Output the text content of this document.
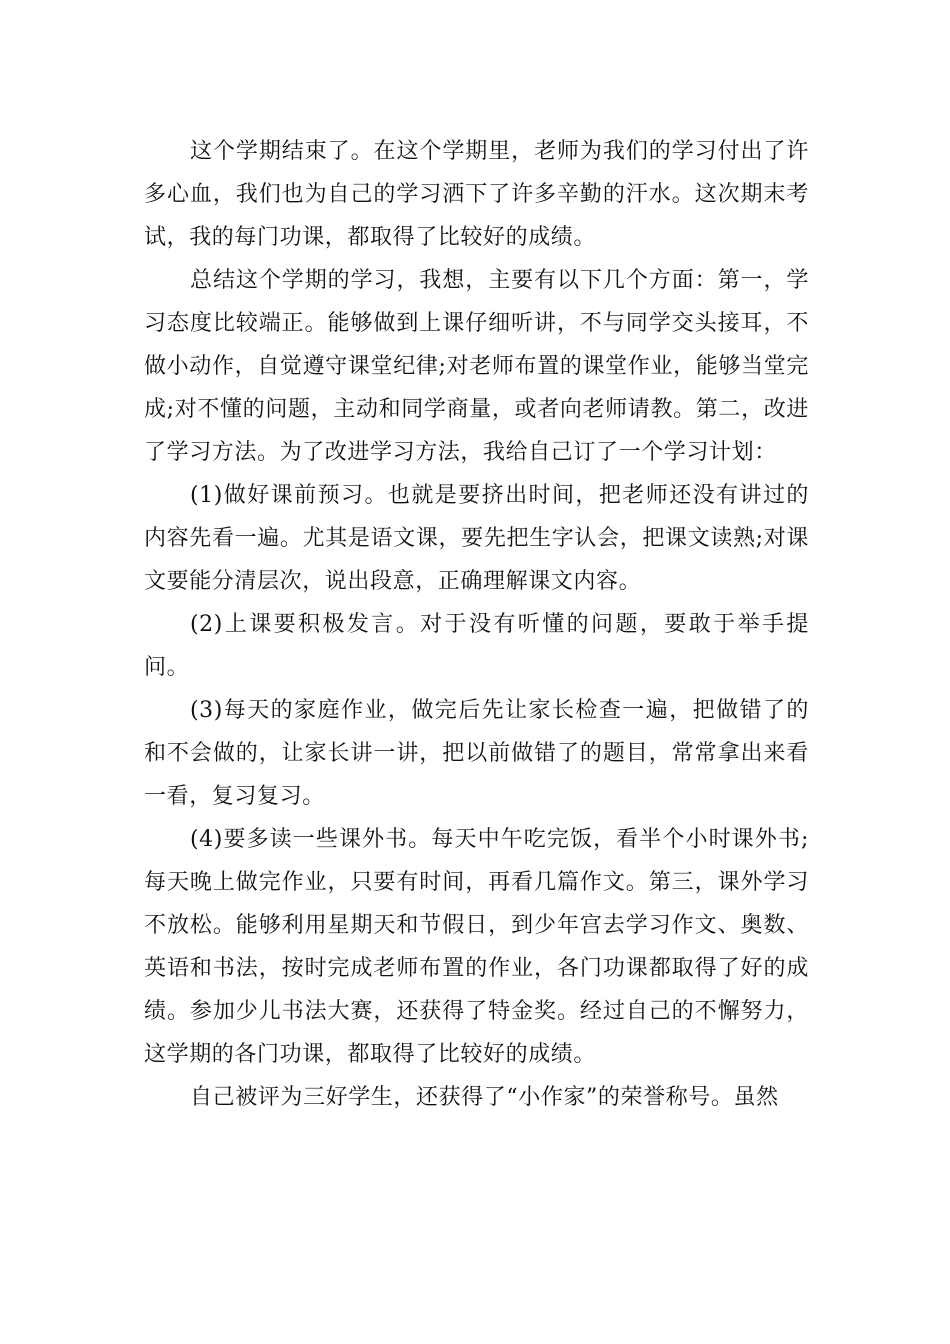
这个学期结束了。在这个学期里，老师为我们的学习付出了许多心血，我们也为自己的学习洒下了许多辛勤的汗水。这次期末考试，我的每门功课，都取得了比较好的成绩。

总结这个学期的学习，我想，主要有以下几个方面：第一，学习态度比较端正。能够做到上课仔细听讲，不与同学交头接耳，不做小动作，自觉遵守课堂纪律;对老师布置的课堂作业，能够当堂完成;对不懂的问题，主动和同学商量，或者向老师请教。第二，改进了学习方法。为了改进学习方法，我给自己订了一个学习计划：

(1)做好课前预习。也就是要挤出时间，把老师还没有讲过的内容先看一遍。尤其是语文课，要先把生字认会，把课文读熟;对课文要能分清层次，说出段意，正确理解课文内容。

(2)上课要积极发言。对于没有听懂的问题，要敢于举手提问。

(3)每天的家庭作业，做完后先让家长检查一遍，把做错了的和不会做的，让家长讲一讲，把以前做错了的题目，常常拿出来看一看，复习复习。

(4)要多读一些课外书。每天中午吃完饭，看半个小时课外书;每天晚上做完作业，只要有时间，再看几篇作文。第三，课外学习不放松。能够利用星期天和节假日，到少年宫去学习作文、奥数、英语和书法，按时完成老师布置的作业，各门功课都取得了好的成绩。参加少儿书法大赛，还获得了特金奖。经过自己的不懈努力，这学期的各门功课，都取得了比较好的成绩。

自己被评为三好学生，还获得了“小作家”的荣誉称号。虽然
